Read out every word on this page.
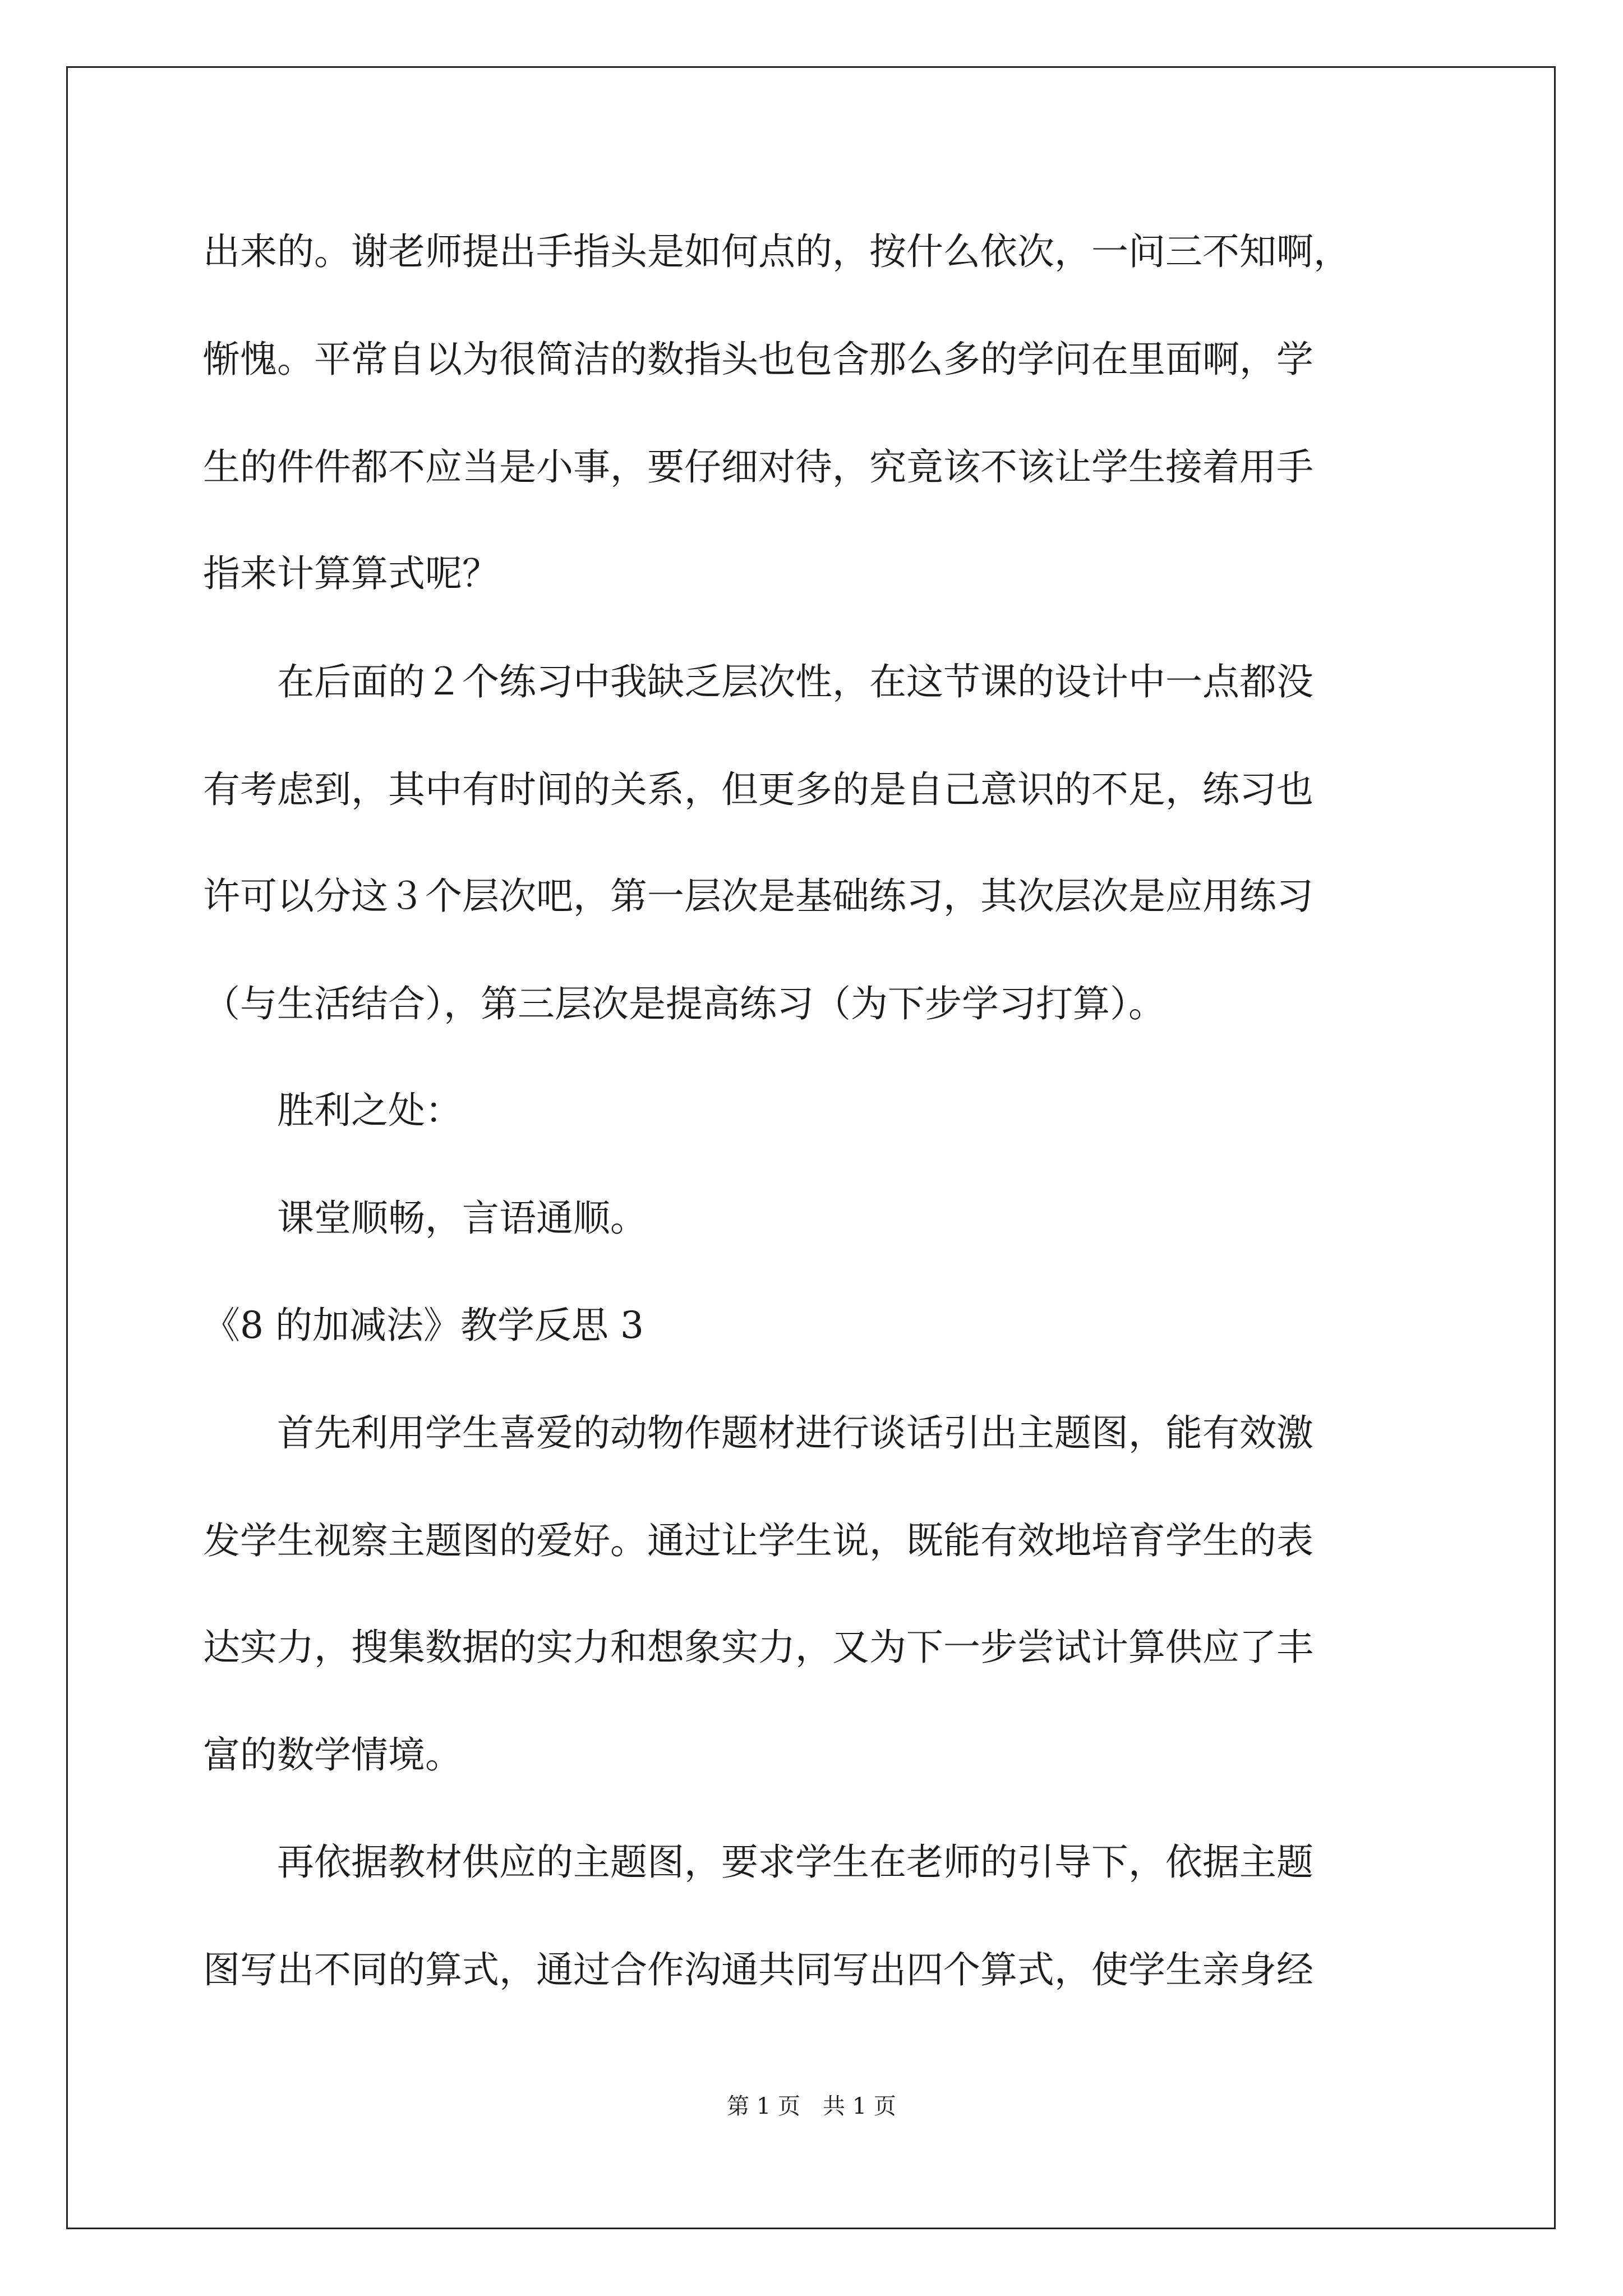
出来的。谢老师提出手指头是如何点的，按什么依次，一问三不知啊，
惭愧。平常自以为很简洁的数指头也包含那么多的学问在里面啊，学
生的件件都不应当是小事，要仔细对待，究竟该不该让学生接着用手
指来计算算式呢？
　　在后面的２个练习中我缺乏层次性，在这节课的设计中一点都没
有考虑到，其中有时间的关系，但更多的是自己意识的不足，练习也
许可以分这３个层次吧，第一层次是基础练习，其次层次是应用练习
（与生活结合），第三层次是提高练习（为下步学习打算）。
　　胜利之处：
　　课堂顺畅，言语通顺。
《8 的加减法》教学反思 3
　　首先利用学生喜爱的动物作题材进行谈话引出主题图，能有效激
发学生视察主题图的爱好。通过让学生说，既能有效地培育学生的表
达实力，搜集数据的实力和想象实力，又为下一步尝试计算供应了丰
富的数学情境。
　　再依据教材供应的主题图，要求学生在老师的引导下，依据主题
图写出不同的算式，通过合作沟通共同写出四个算式，使学生亲身经
第 1 页　共 1 页
